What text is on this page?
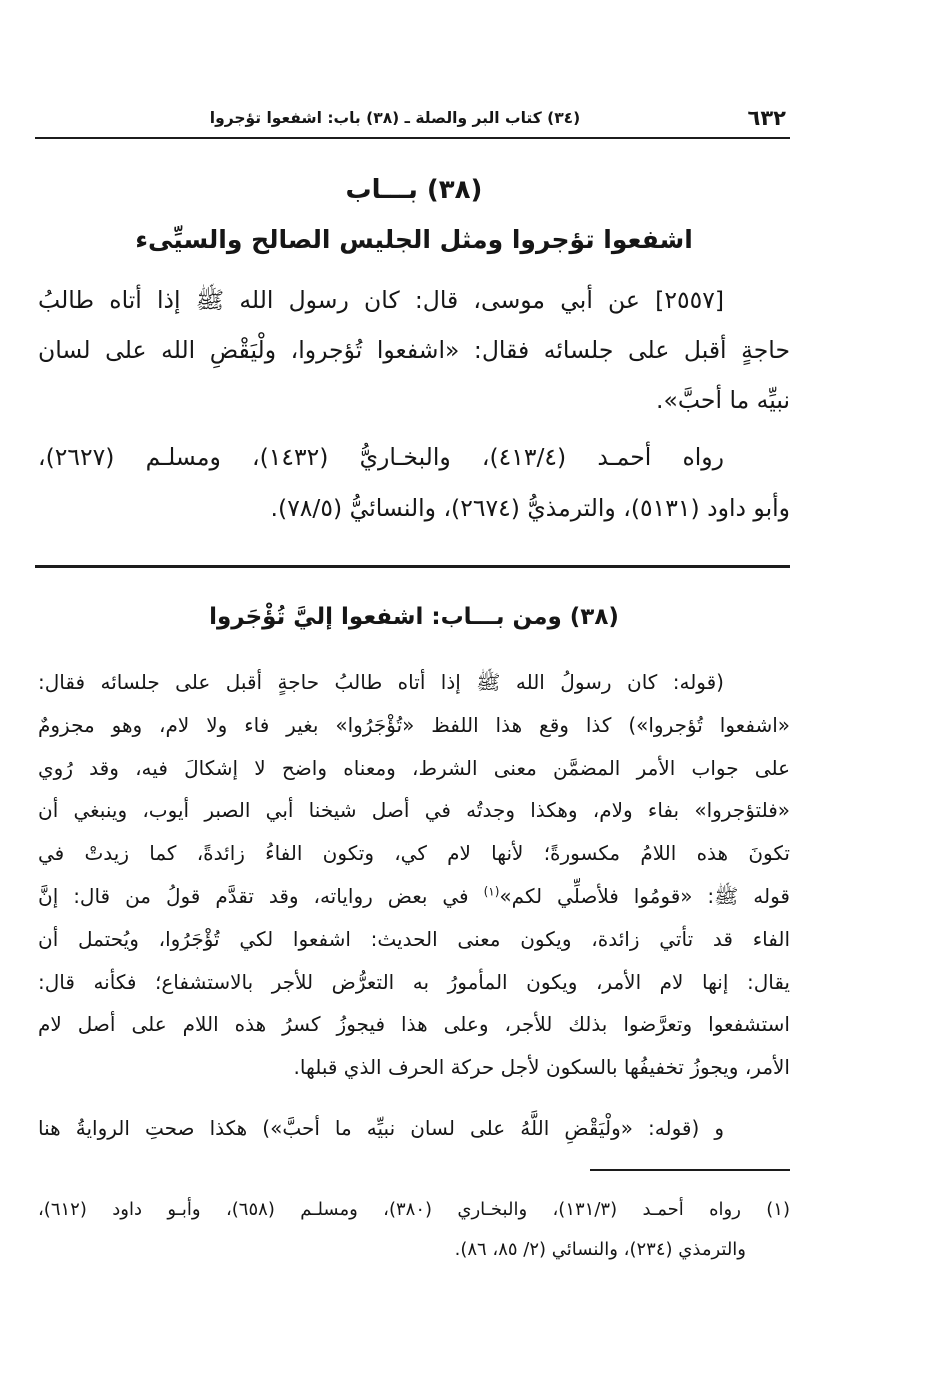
٦٣٢
(٣٤) كتاب البر والصلة ـ (٣٨) باب: اشفعوا تؤجروا
(٣٨) بـــاب
اشفعوا تؤجروا ومثل الجليس الصالح والسيِّىء
[٢٥٥٧] عن أبي موسى، قال: كان رسول الله ﷺ إذا أتاه طالبُ
حاجةٍ أقبل على جلسائه فقال: «اشفعوا تُؤجروا، ولْيَقْضِ الله على لسان
نبيِّه ما أحبَّ».
رواه أحمـد (٤١٣/٤)، والبخـاريُّ (١٤٣٢)، ومسلـم (٢٦٢٧)،
وأبو داود (٥١٣١)، والترمذيُّ (٢٦٧٤)، والنسائيُّ (٧٨/٥).
(٣٨) ومن بـــاب: اشفعوا إليَّ تُؤْجَروا
(قوله: كان رسولُ الله ﷺ إذا أتاه طالبُ حاجةٍ أقبل على جلسائه فقال:
«اشفعوا تُؤجروا») كذا وقع هذا اللفظ «تُؤْجَرُوا» بغير فاء ولا لام، وهو مجزومٌ
على جواب الأمر المضمَّن معنى الشرط، ومعناه واضح لا إشكالَ فيه، وقد رُوي
«فلتؤجروا» بفاء ولام، وهكذا وجدتُه في أصل شيخنا أبي الصبر أيوب، وينبغي أن
تكونَ هذه اللامُ مكسورةً؛ لأنها لام كي، وتكون الفاءُ زائدةً، كما زيدتْ في
قوله ﷺ: «قومُوا فلأصلِّي لكم»$^{(١)}$ في بعض رواياته، وقد تقدَّم قولُ من قال: إنَّ
الفاء قد تأتي زائدة، ويكون معنى الحديث: اشفعوا لكي تُؤْجَرُوا، ويُحتمل أن
يقال: إنها لام الأمر، ويكون المأمورُ به التعرُّض للأجر بالاستشفاع؛ فكأنه قال:
استشفعوا وتعرَّضوا بذلك للأجر، وعلى هذا فيجوزُ كسرُ هذه اللام على أصل لام
الأمر، ويجوزُ تخفيفُها بالسكون لأجل حركة الحرف الذي قبلها.
و (قوله: «ولْيَقْضِ اللَّهُ على لسان نبيِّه ما أحبَّ») هكذا صحتِ الروايةُ هنا
(١) رواه أحمـد (١٣١/٣)، والبخـاري (٣٨٠)، ومسلـم (٦٥٨)، وأبـو داود (٦١٢)،
والترمذي (٢٣٤)، والنسائي (٢/ ٨٥، ٨٦).
